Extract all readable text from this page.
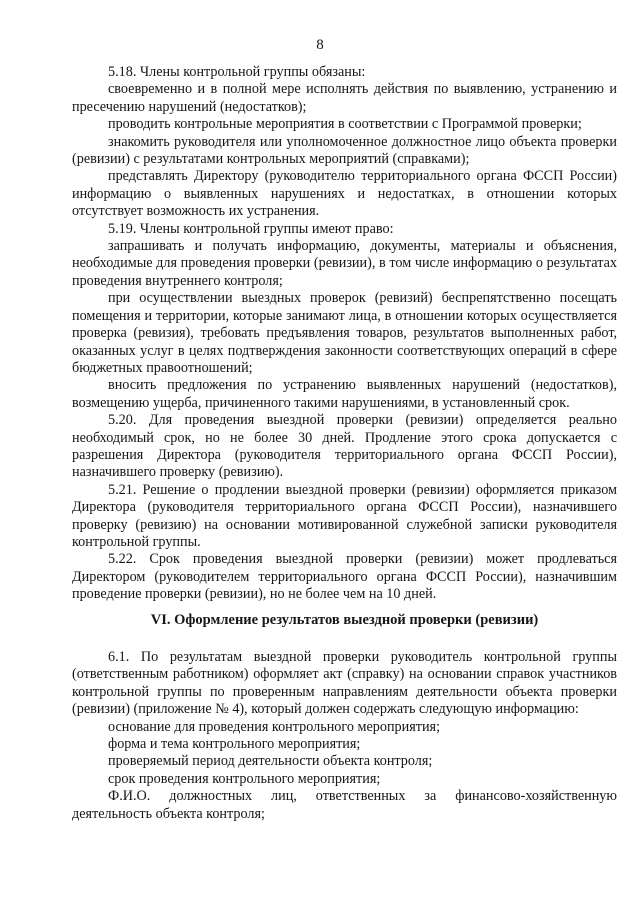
8

5.18. Члены контрольной группы обязаны:

своевременно и в полной мере исполнять действия по выявлению, устранению и пресечению нарушений (недостатков);

проводить контрольные мероприятия в соответствии с Программой проверки;

знакомить руководителя или уполномоченное должностное лицо объекта проверки (ревизии) с результатами контрольных мероприятий (справками);

представлять Директору (руководителю территориального органа ФССП России) информацию о выявленных нарушениях и недостатках, в отношении которых отсутствует возможность их устранения.

5.19. Члены контрольной группы имеют право:

запрашивать и получать информацию, документы, материалы и объяснения, необходимые для проведения проверки (ревизии), в том числе информацию о результатах проведения внутреннего контроля;

при осуществлении выездных проверок (ревизий) беспрепятственно посещать помещения и территории, которые занимают лица, в отношении которых осуществляется проверка (ревизия), требовать предъявления товаров, результатов выполненных работ, оказанных услуг в целях подтверждения законности соответствующих операций в сфере бюджетных правоотношений;

вносить предложения по устранению выявленных нарушений (недостатков), возмещению ущерба, причиненного такими нарушениями, в установленный срок.

5.20. Для проведения выездной проверки (ревизии) определяется реально необходимый срок, но не более 30 дней. Продление этого срока допускается с разрешения Директора (руководителя территориального органа ФССП России), назначившего проверку (ревизию).

5.21. Решение о продлении выездной проверки (ревизии) оформляется приказом Директора (руководителя территориального органа ФССП России), назначившего проверку (ревизию) на основании мотивированной служебной записки руководителя контрольной группы.

5.22. Срок проведения выездной проверки (ревизии) может продлеваться Директором (руководителем территориального органа ФССП России), назначившим проведение проверки (ревизии), но не более чем на 10 дней.

VI. Оформление результатов выездной проверки (ревизии)

6.1. По результатам выездной проверки руководитель контрольной группы (ответственным работником) оформляет акт (справку) на основании справок участников контрольной группы по проверенным направлениям деятельности объекта проверки (ревизии) (приложение № 4), который должен содержать следующую информацию:

основание для проведения контрольного мероприятия;

форма и тема контрольного мероприятия;

проверяемый период деятельности объекта контроля;

срок проведения контрольного мероприятия;

Ф.И.О. должностных лиц, ответственных за финансово-хозяйственную деятельность объекта контроля;
